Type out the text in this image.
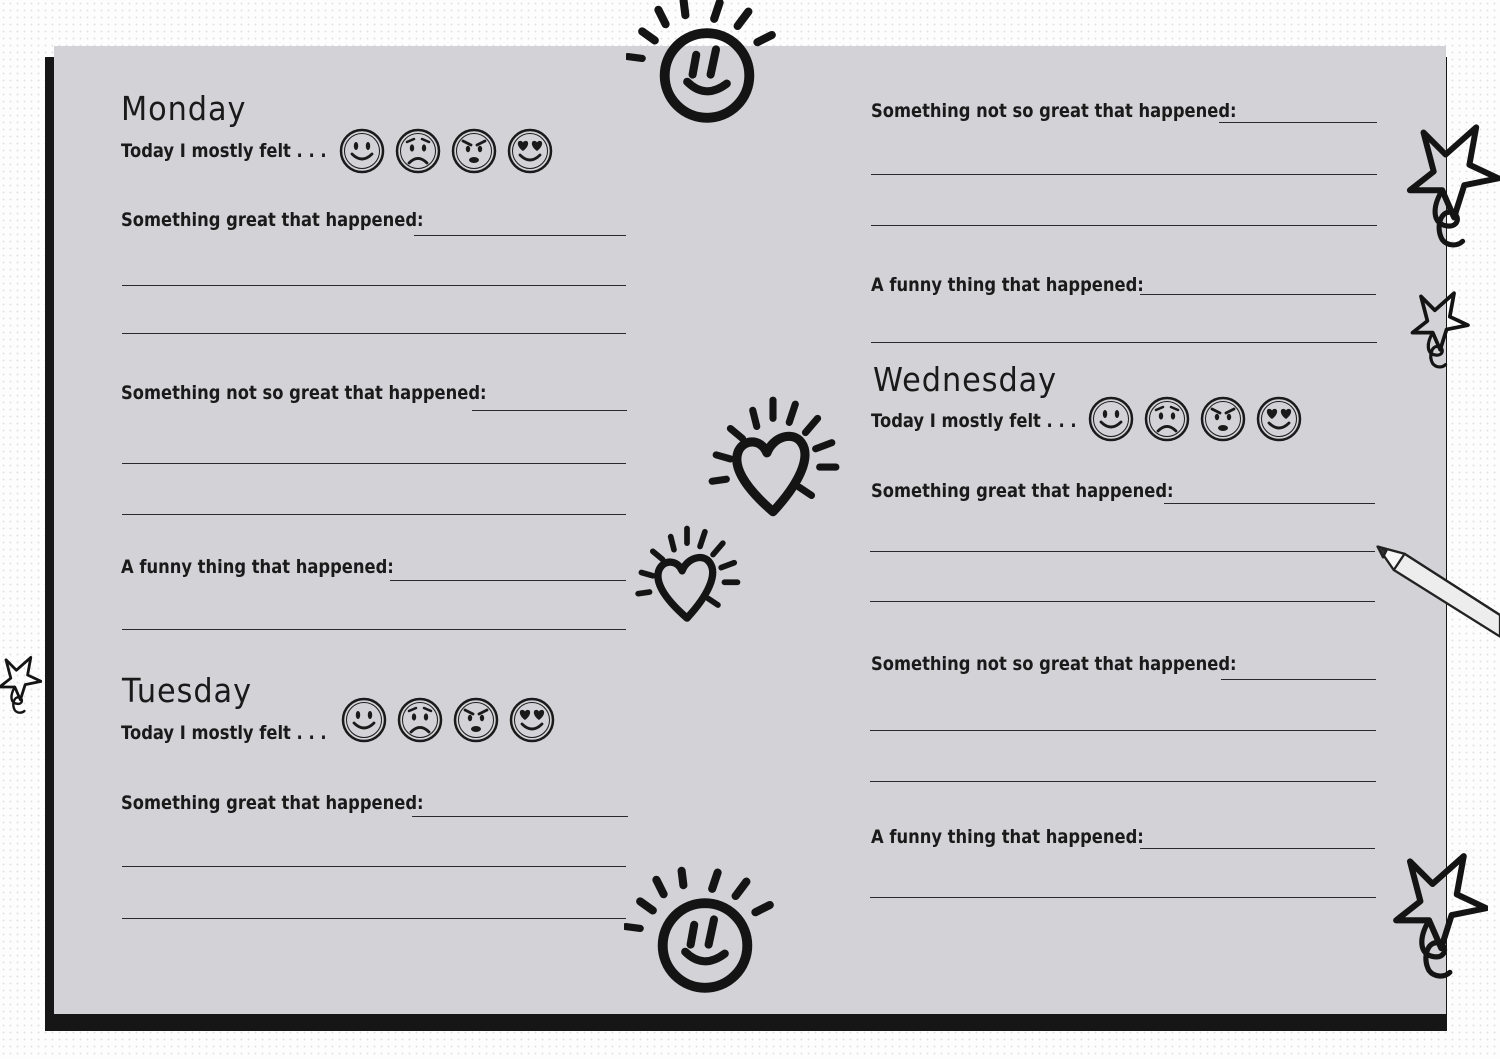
Monday
Today I mostly felt . . .
Something great that happened:
Something not so great that happened:
A funny thing that happened:
Tuesday
Today I mostly felt . . .
Something great that happened:
Something not so great that happened:
A funny thing that happened:
Wednesday
Today I mostly felt . . .
Something great that happened:
Something not so great that happened:
A funny thing that happened:
